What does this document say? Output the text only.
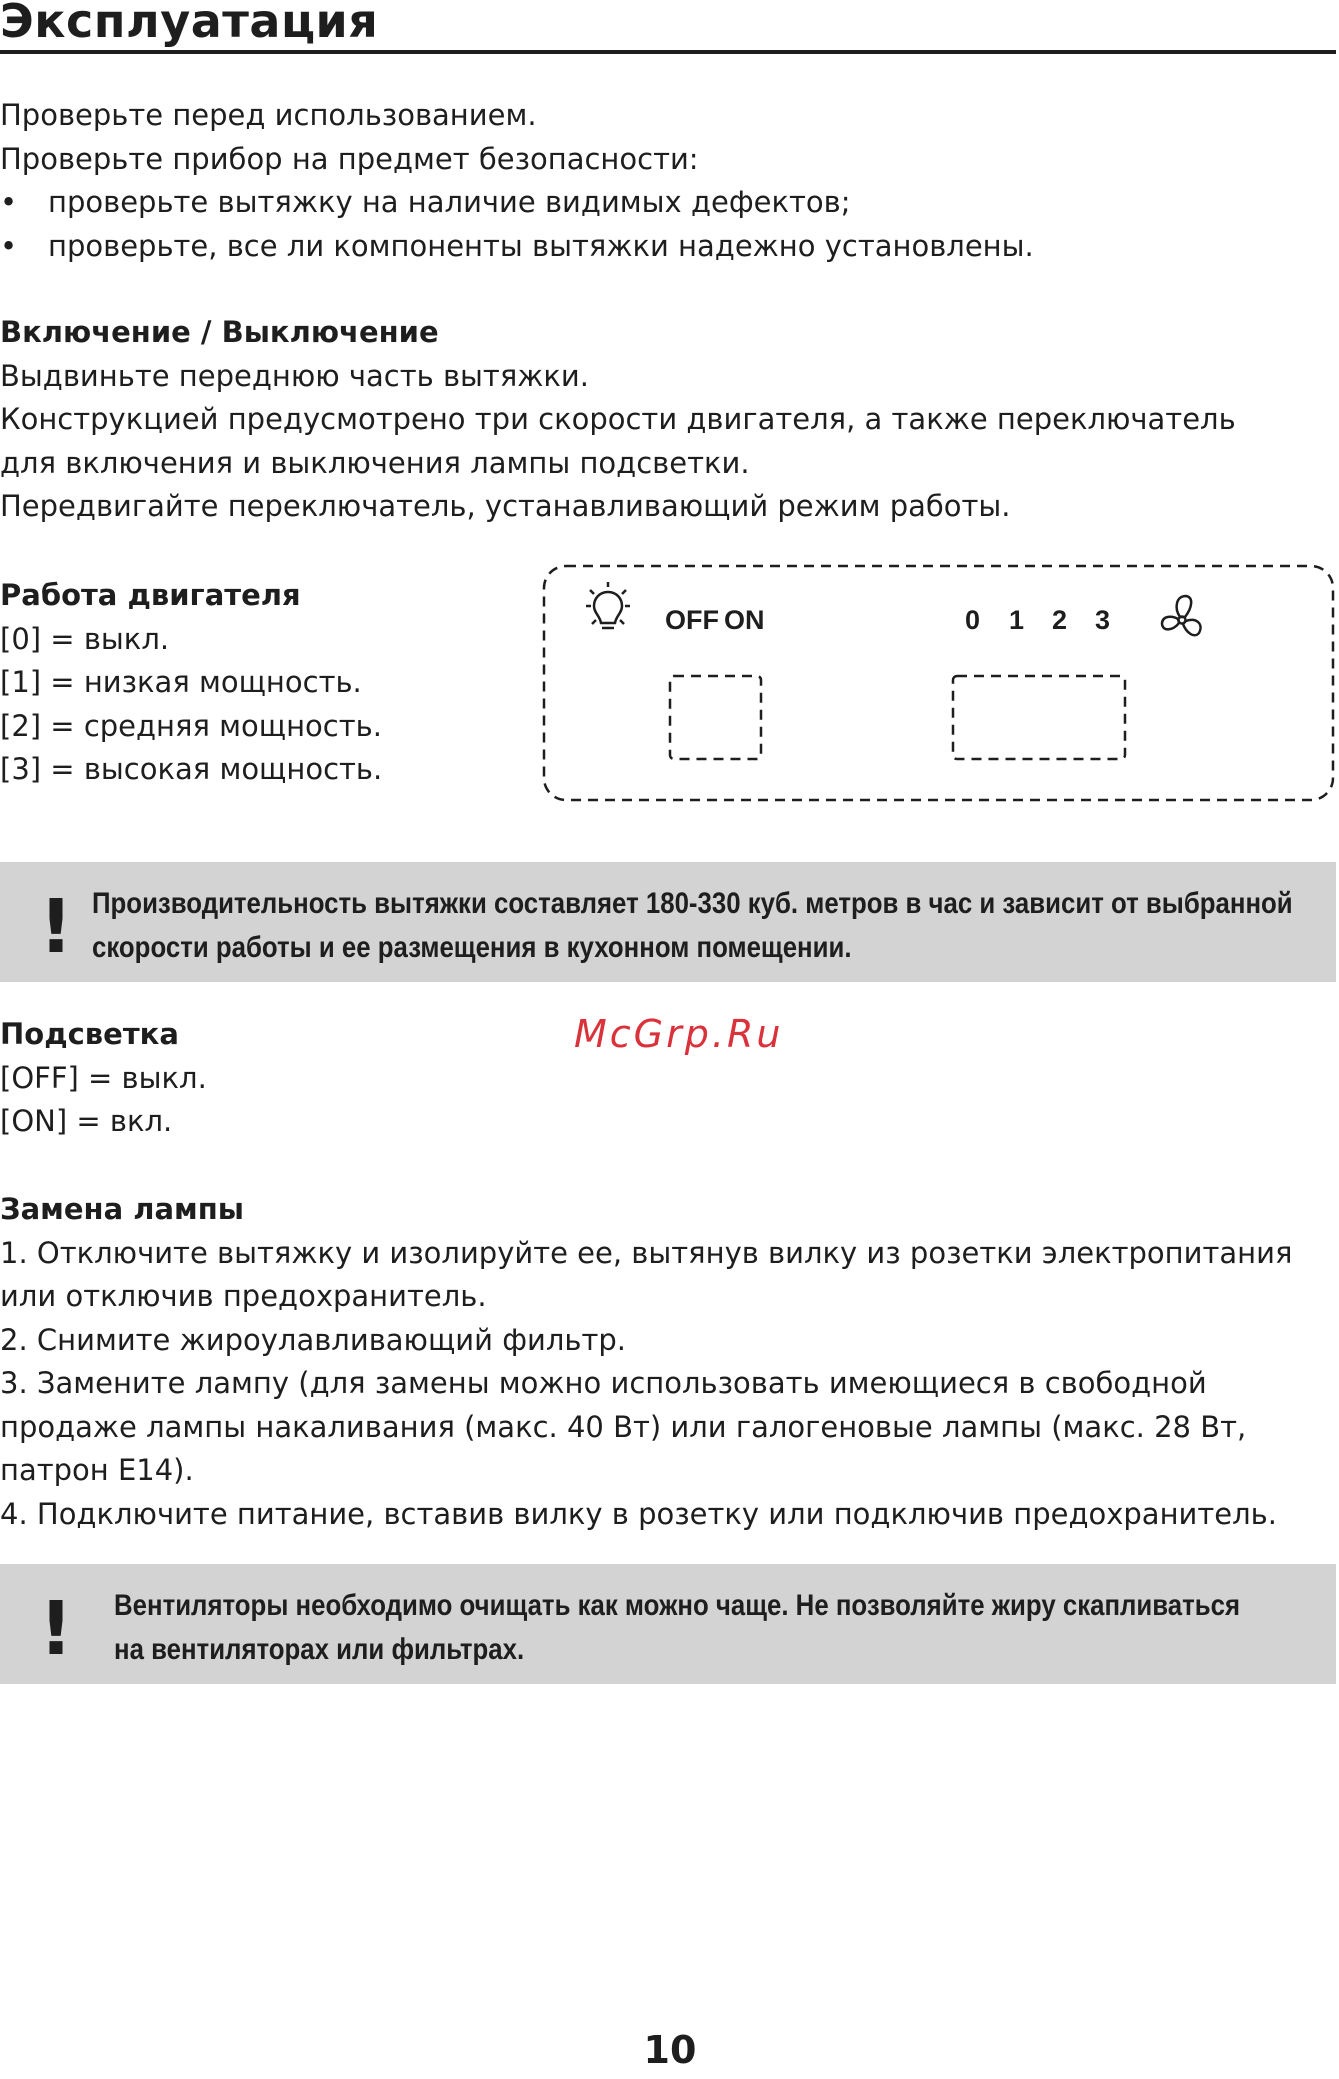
Эксплуатация
Проверьте перед использованием.
Проверьте прибор на предмет безопасности:
• проверьте вытяжку на наличие видимых дефектов;
• проверьте, все ли компоненты вытяжки надежно установлены.
Включение / Выключение
Выдвиньте переднюю часть вытяжки.
Конструкцией предусмотрено три скорости двигателя, а также переключатель
для включения и выключения лампы подсветки.
Передвигайте переключатель, устанавливающий режим работы.
Работа двигателя
[0] = выкл.
[1] = низкая мощность.
[2] = средняя мощность.
[3] = высокая мощность.
OFF ON	0 1 2 3
! Производительность вытяжки составляет 180-330 куб. метров в час и зависит от выбранной
скорости работы и ее размещения в кухонном помещении.
Подсветка
[OFF] = выкл.
[ON] = вкл.
McGrp.Ru
Замена лампы
1. Отключите вытяжку и изолируйте ее, вытянув вилку из розетки электропитания
или отключив предохранитель.
2. Снимите жироулавливающий фильтр.
3. Замените лампу (для замены можно использовать имеющиеся в свободной
продаже лампы накаливания (макс. 40 Вт) или галогеновые лампы (макс. 28 Вт,
патрон Е14).
4. Подключите питание, вставив вилку в розетку или подключив предохранитель.
! Вентиляторы необходимо очищать как можно чаще. Не позволяйте жиру скапливаться
на вентиляторах или фильтрах.
10
